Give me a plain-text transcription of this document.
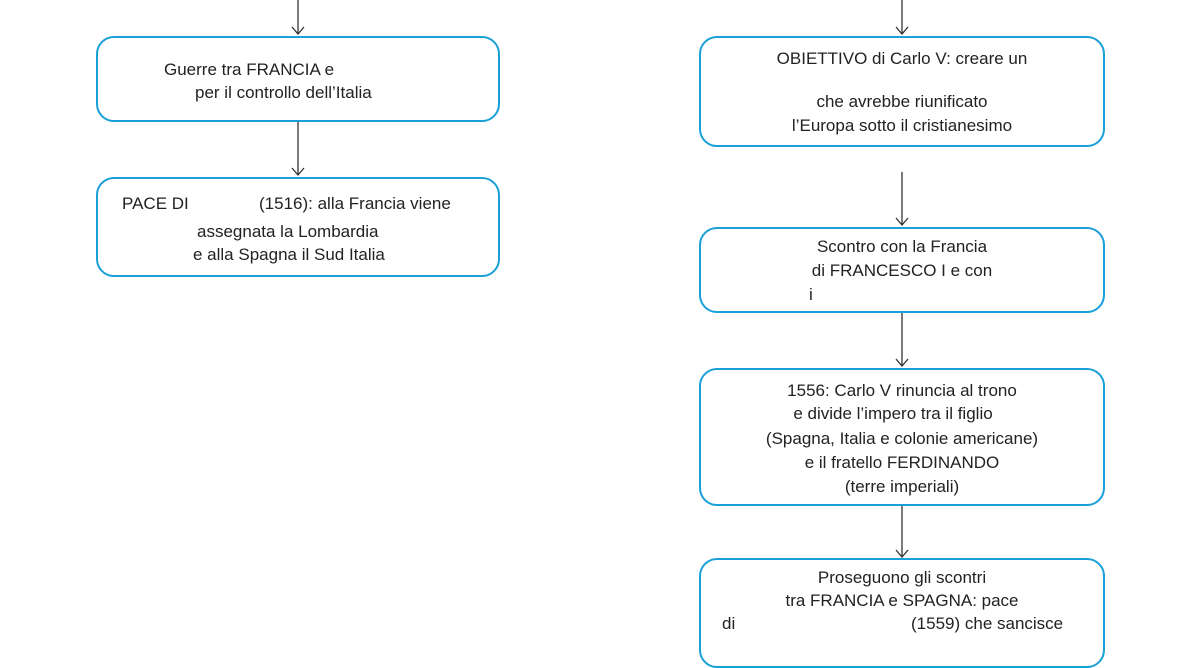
Guerre tra FRANCIA e
per il controllo dell’Italia
PACE DI	(1516): alla Francia viene
assegnata la Lombardia
e alla Spagna il Sud Italia
OBIETTIVO di Carlo V: creare un
che avrebbe riunificato
l’Europa sotto il cristianesimo
Scontro con la Francia
di FRANCESCO I e con
i
1556: Carlo V rinuncia al trono
e divide l’impero tra il figlio
(Spagna, Italia e colonie americane)
e il fratello FERDINANDO
(terre imperiali)
Proseguono gli scontri
tra FRANCIA e SPAGNA: pace
di	(1559) che sancisce
